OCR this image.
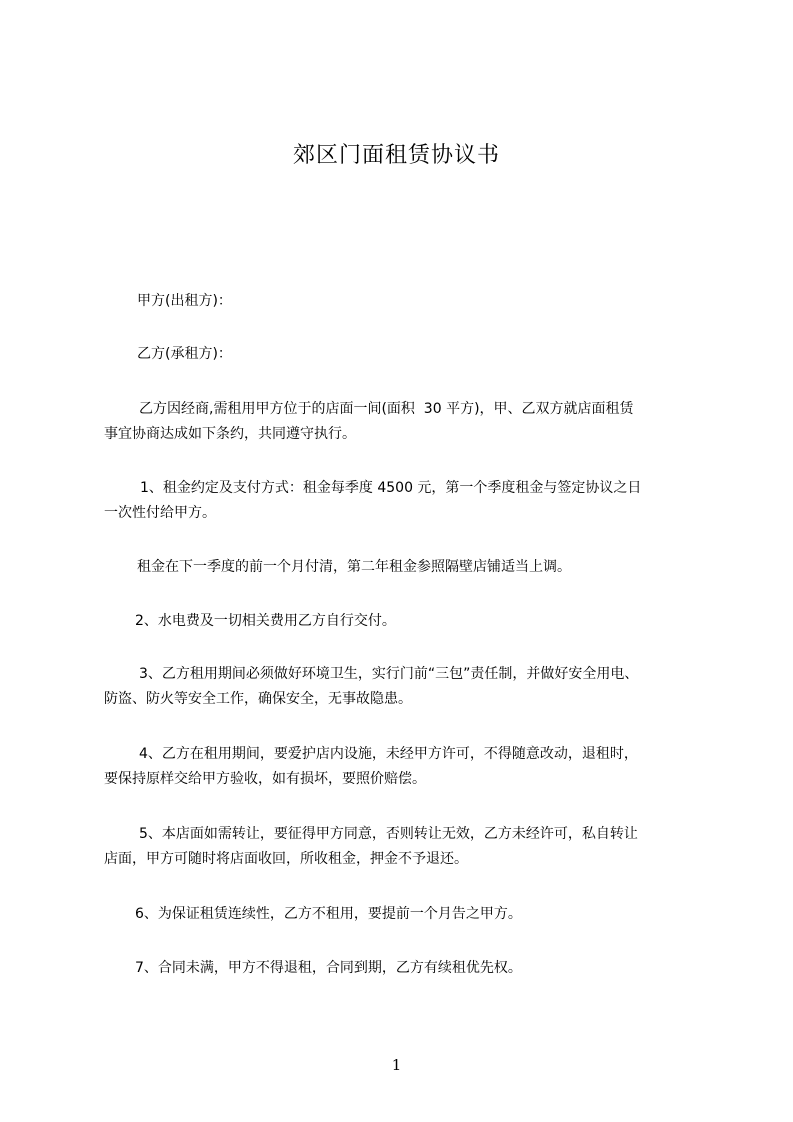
郊区门面租赁协议书

甲方(出租方)：

乙方(承租方)：

乙方因经商,需租用甲方位于的店面一间(面积  30 平方)，甲、乙双方就店面租赁
事宜协商达成如下条约，共同遵守执行。
1、租金约定及支付方式：租金每季度 4500 元，第一个季度租金与签定协议之日
一次性付给甲方。
租金在下一季度的前一个月付清，第二年租金参照隔壁店铺适当上调。
2、水电费及一切相关费用乙方自行交付。
3、乙方租用期间必须做好环境卫生，实行门前“三包”责任制，并做好安全用电、
防盗、防火等安全工作，确保安全，无事故隐患。
4、乙方在租用期间，要爱护店内设施，未经甲方许可，不得随意改动，退租时，
要保持原样交给甲方验收，如有损坏，要照价赔偿。
5、本店面如需转让，要征得甲方同意，否则转让无效，乙方未经许可，私自转让
店面，甲方可随时将店面收回，所收租金，押金不予退还。
6、为保证租赁连续性，乙方不租用，要提前一个月告之甲方。
7、合同未满，甲方不得退租，合同到期，乙方有续租优先权。
1
